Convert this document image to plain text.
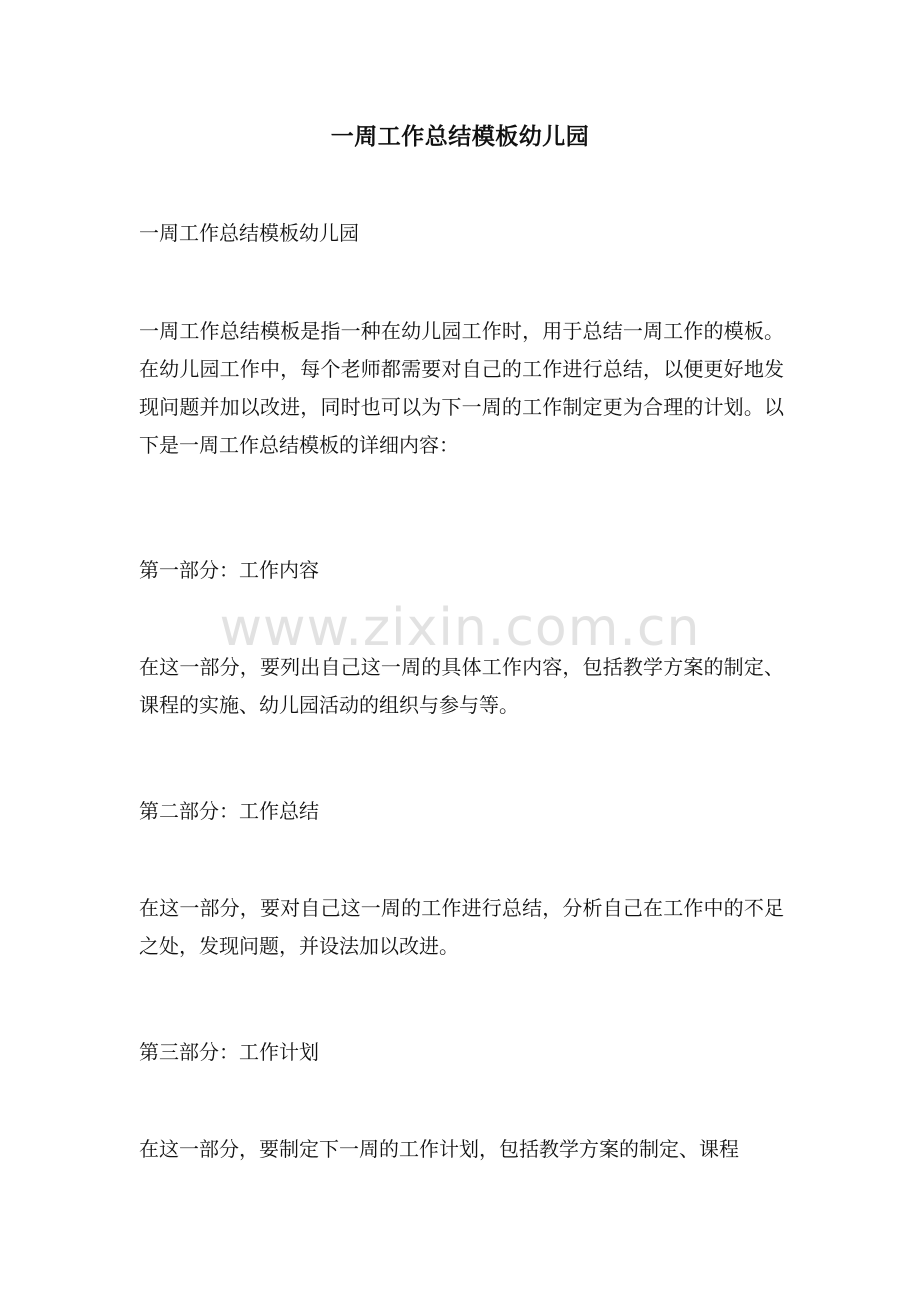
一周工作总结模板幼儿园
一周工作总结模板幼儿园
一周工作总结模板是指一种在幼儿园工作时，用于总结一周工作的模板。在幼儿园工作中，每个老师都需要对自己的工作进行总结，以便更好地发现问题并加以改进，同时也可以为下一周的工作制定更为合理的计划。以下是一周工作总结模板的详细内容：
第一部分：工作内容
www.zixin.com.cn
在这一部分，要列出自己这一周的具体工作内容，包括教学方案的制定、课程的实施、幼儿园活动的组织与参与等。
第二部分：工作总结
在这一部分，要对自己这一周的工作进行总结，分析自己在工作中的不足之处，发现问题，并设法加以改进。
第三部分：工作计划
在这一部分，要制定下一周的工作计划，包括教学方案的制定、课程
